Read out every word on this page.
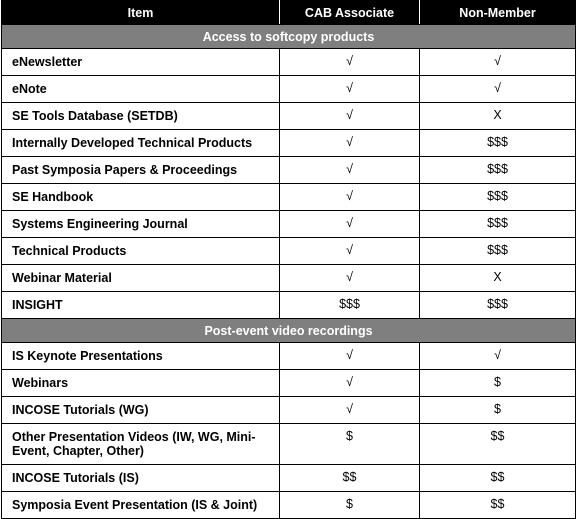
Item	CAB Associate	Non-Member
Access to softcopy products		
eNewsletter	√	√
eNote	√	√
SE Tools Database (SETDB)	√	X
Internally Developed Technical Products	√	$$$
Past Symposia Papers & Proceedings	√	$$$
SE Handbook	√	$$$
Systems Engineering Journal	√	$$$
Technical Products	√	$$$
Webinar Material	√	X
INSIGHT	$$$	$$$
Post-event video recordings		
IS Keynote Presentations	√	√
Webinars	√	$
INCOSE Tutorials (WG)	√	$
Other Presentation Videos (IW, WG, Mini-Event, Chapter, Other)	$	$$
INCOSE Tutorials (IS)	$$	$$
Symposia Event Presentation (IS & Joint)	$	$$
